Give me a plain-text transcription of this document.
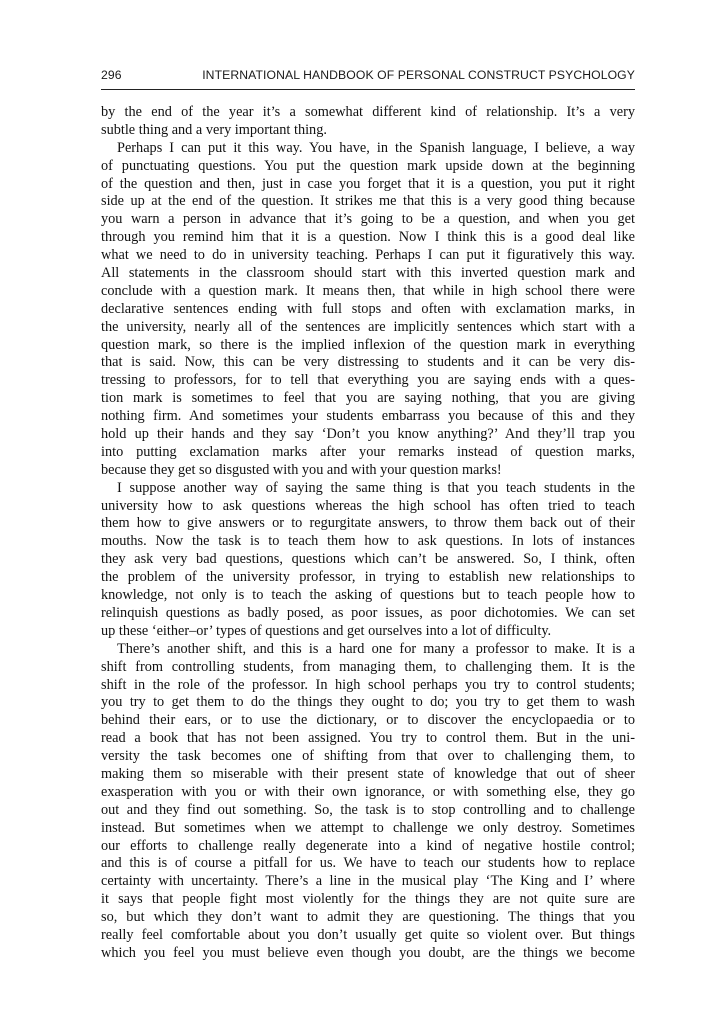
296	INTERNATIONAL HANDBOOK OF PERSONAL CONSTRUCT PSYCHOLOGY
by the end of the year it’s a somewhat different kind of relationship. It’s a very
subtle thing and a very important thing.
Perhaps I can put it this way. You have, in the Spanish language, I believe, a way
of punctuating questions. You put the question mark upside down at the beginning
of the question and then, just in case you forget that it is a question, you put it right
side up at the end of the question. It strikes me that this is a very good thing because
you warn a person in advance that it’s going to be a question, and when you get
through you remind him that it is a question. Now I think this is a good deal like
what we need to do in university teaching. Perhaps I can put it figuratively this way.
All statements in the classroom should start with this inverted question mark and
conclude with a question mark. It means then, that while in high school there were
declarative sentences ending with full stops and often with exclamation marks, in
the university, nearly all of the sentences are implicitly sentences which start with a
question mark, so there is the implied inflexion of the question mark in everything
that is said. Now, this can be very distressing to students and it can be very dis-
tressing to professors, for to tell that everything you are saying ends with a ques-
tion mark is sometimes to feel that you are saying nothing, that you are giving
nothing firm. And sometimes your students embarrass you because of this and they
hold up their hands and they say ‘Don’t you know anything?’ And they’ll trap you
into putting exclamation marks after your remarks instead of question marks,
because they get so disgusted with you and with your question marks!
I suppose another way of saying the same thing is that you teach students in the
university how to ask questions whereas the high school has often tried to teach
them how to give answers or to regurgitate answers, to throw them back out of their
mouths. Now the task is to teach them how to ask questions. In lots of instances
they ask very bad questions, questions which can’t be answered. So, I think, often
the problem of the university professor, in trying to establish new relationships to
knowledge, not only is to teach the asking of questions but to teach people how to
relinquish questions as badly posed, as poor issues, as poor dichotomies. We can set
up these ‘either–or’ types of questions and get ourselves into a lot of difficulty.
There’s another shift, and this is a hard one for many a professor to make. It is a
shift from controlling students, from managing them, to challenging them. It is the
shift in the role of the professor. In high school perhaps you try to control students;
you try to get them to do the things they ought to do; you try to get them to wash
behind their ears, or to use the dictionary, or to discover the encyclopaedia or to
read a book that has not been assigned. You try to control them. But in the uni-
versity the task becomes one of shifting from that over to challenging them, to
making them so miserable with their present state of knowledge that out of sheer
exasperation with you or with their own ignorance, or with something else, they go
out and they find out something. So, the task is to stop controlling and to challenge
instead. But sometimes when we attempt to challenge we only destroy. Sometimes
our efforts to challenge really degenerate into a kind of negative hostile control;
and this is of course a pitfall for us. We have to teach our students how to replace
certainty with uncertainty. There’s a line in the musical play ‘The King and I’ where
it says that people fight most violently for the things they are not quite sure are
so, but which they don’t want to admit they are questioning. The things that you
really feel comfortable about you don’t usually get quite so violent over. But things
which you feel you must believe even though you doubt, are the things we become
